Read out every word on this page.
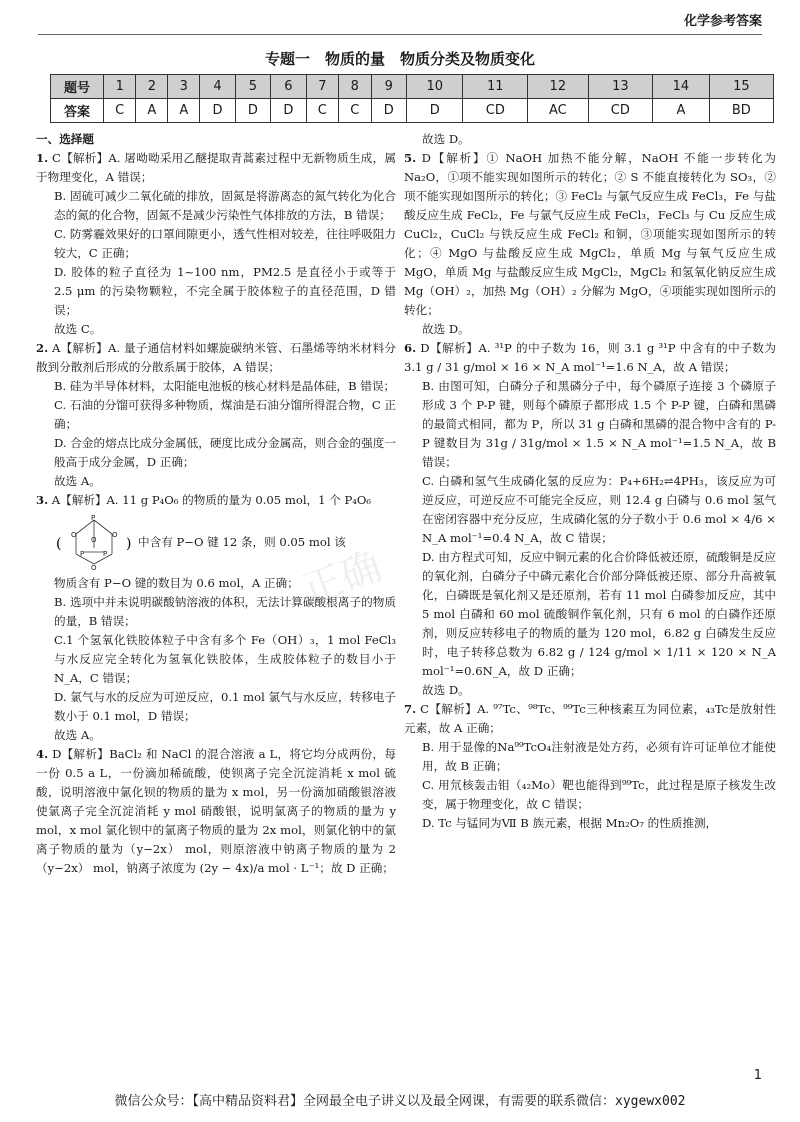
化学参考答案
专题一　物质的量　物质分类及物质变化
题号	1	2	3	4	5	6	7	8	9	10	11	12	13	14	15
答案	C	A	A	D	D	D	C	C	D	D	CD	AC	CD	A	BD
正确

一、选择题

1. C【解析】A. 屠呦呦采用乙醚提取青蒿素过程中无新物质生成，属于物理变化，A 错误；

B. 固硫可减少二氧化硫的排放，固氮是将游离态的氮气转化为化合态的氮的化合物，固氮不是减少污染性气体排放的方法，B 错误；

C. 防雾霾效果好的口罩间隙更小，透气性相对较差，往往呼吸阻力较大，C 正确；

D. 胶体的粒子直径为 1~100 nm，PM2.5 是直径小于或等于 2.5 μm 的污染物颗粒，不完全属于胶体粒子的直径范围，D 错误；

故选 C。

2. A【解析】A. 量子通信材料如螺旋碳纳米管、石墨烯等纳米材料分散到分散剂后形成的分散系属于胶体，A 错误；

B. 硅为半导体材料，太阳能电池板的核心材料是晶体硅，B 错误；

C. 石油的分馏可获得多种物质，煤油是石油分馏所得混合物，C 正确；

D. 合金的熔点比成分金属低，硬度比成分金属高，则合金的强度一般高于成分金属，D 正确；

故选 A。

3. A【解析】A. 11 g P₄O₆ 的物质的量为 0.05 mol，1 个 P₄O₆

(	)
P
O	O
O
P	P
O
中含有 P−O 键 12 条，则 0.05 mol 该

物质含有 P−O 键的数目为 0.6 mol，A 正确；

B. 选项中并未说明碳酸钠溶液的体积，无法计算碳酸根离子的物质的量，B 错误；

C.1 个氢氧化铁胶体粒子中含有多个 Fe（OH）₃，1 mol FeCl₃ 与水反应完全转化为氢氧化铁胶体，生成胶体粒子的数目小于 N_A，C 错误；

D. 氯气与水的反应为可逆反应，0.1 mol 氯气与水反应，转移电子数小于 0.1 mol，D 错误；

故选 A。

4. D【解析】BaCl₂ 和 NaCl 的混合溶液 a L，将它均分成两份，每一份 0.5 a L，一份滴加稀硫酸，使钡离子完全沉淀消耗 x mol 硫酸，说明溶液中氯化钡的物质的量为 x mol，另一份滴加硝酸银溶液使氯离子完全沉淀消耗 y mol 硝酸银，说明氯离子的物质的量为 y mol，x mol 氯化钡中的氯离子物质的量为 2x mol，则氯化钠中的氯离子物质的量为（y−2x） mol，则原溶液中钠离子物质的量为 2（y−2x） mol，钠离子浓度为 (2y − 4x)/a mol · L⁻¹；故 D 正确；

故选 D。

5. D【解析】① NaOH 加热不能分解，NaOH 不能一步转化为 Na₂O，①项不能实现如图所示的转化；② S 不能直接转化为 SO₃，②项不能实现如图所示的转化；③ FeCl₂ 与氯气反应生成 FeCl₃，Fe 与盐酸反应生成 FeCl₂，Fe 与氯气反应生成 FeCl₃，FeCl₃ 与 Cu 反应生成 CuCl₂，CuCl₂ 与铁反应生成 FeCl₂ 和铜，③项能实现如图所示的转化；④ MgO 与盐酸反应生成 MgCl₂，单质 Mg 与氧气反应生成 MgO，单质 Mg 与盐酸反应生成 MgCl₂，MgCl₂ 和氢氧化钠反应生成 Mg（OH）₂，加热 Mg（OH）₂ 分解为 MgO，④项能实现如图所示的转化；

故选 D。

6. D【解析】A. ³¹P 的中子数为 16，则 3.1 g ³¹P 中含有的中子数为 3.1 g / 31 g/mol × 16 × N_A mol⁻¹=1.6 N_A，故 A 错误；

B. 由图可知，白磷分子和黑磷分子中，每个磷原子连接 3 个磷原子形成 3 个 P-P 键，则每个磷原子都形成 1.5 个 P-P 键，白磷和黑磷的最简式相同，都为 P，所以 31 g 白磷和黑磷的混合物中含有的 P-P 键数目为 31g / 31g/mol × 1.5 × N_A mol⁻¹=1.5 N_A，故 B 错误；

C. 白磷和氢气生成磷化氢的反应为：P₄+6H₂⇌4PH₃，该反应为可逆反应，可逆反应不可能完全反应，则 12.4 g 白磷与 0.6 mol 氢气在密闭容器中充分反应，生成磷化氢的分子数小于 0.6 mol × 4/6 × N_A mol⁻¹=0.4 N_A，故 C 错误；

D. 由方程式可知，反应中铜元素的化合价降低被还原，硫酸铜是反应的氧化剂，白磷分子中磷元素化合价部分降低被还原、部分升高被氧化，白磷既是氧化剂又是还原剂，若有 11 mol 白磷参加反应，其中 5 mol 白磷和 60 mol 硫酸铜作氧化剂，只有 6 mol 的白磷作还原剂，则反应转移电子的物质的量为 120 mol，6.82 g 白磷发生反应时，电子转移总数为 6.82 g / 124 g/mol × 1/11 × 120 × N_A mol⁻¹=0.6N_A，故 D 正确；

故选 D。

7. C【解析】A. ⁹⁷Tc、⁹⁸Tc、⁹⁹Tc三种核素互为同位素，₄₃Tc是放射性元素，故 A 正确；

B. 用于显像的Na⁹⁹TcO₄注射液是处方药，必须有许可证单位才能使用，故 B 正确；

C. 用氘核轰击钼（₄₂Mo）靶也能得到⁹⁹Tc，此过程是原子核发生改变，属于物理变化，故 C 错误；

D. Tc 与锰同为Ⅶ B 族元素，根据 Mn₂O₇ 的性质推测，

1
微信公众号：【高中精品资料君】全网最全电子讲义以及最全网课，有需要的联系微信：xygewx002
